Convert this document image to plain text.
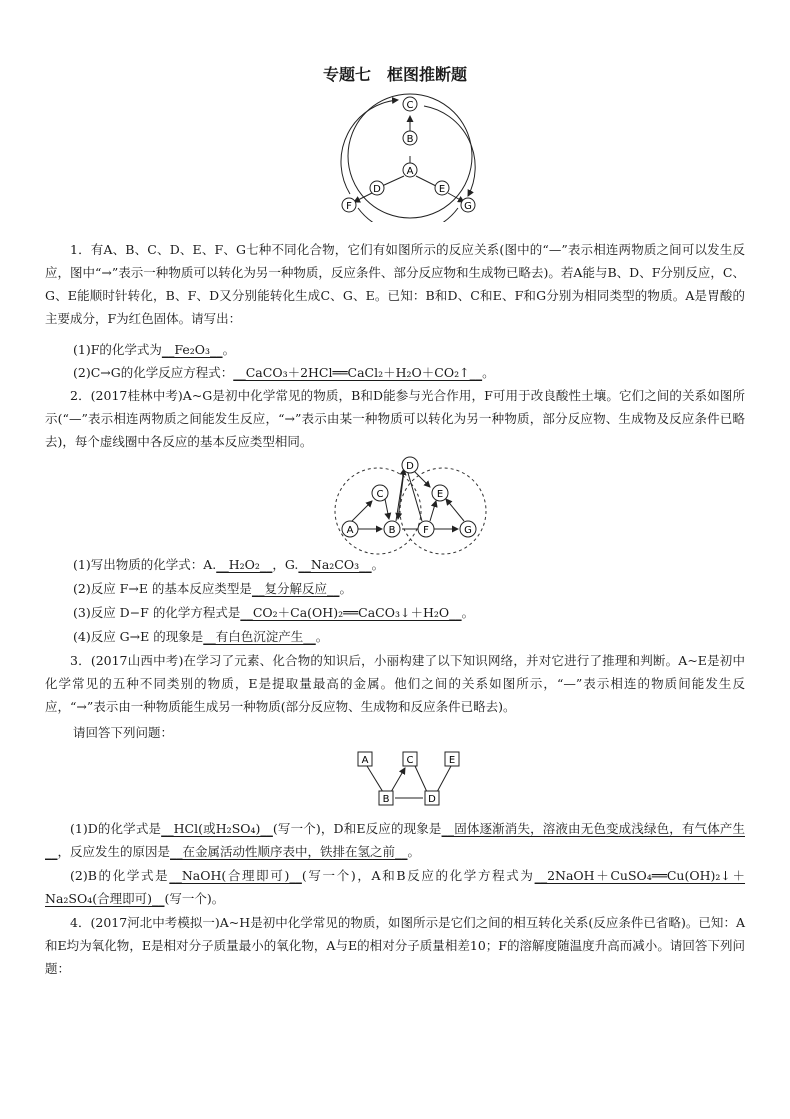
专题七　框图推断题
C
B
A
D
F
E
G
1．有A、B、C、D、E、F、G七种不同化合物，它们有如图所示的反应关系(图中的“—”表示相连两物质之间可以发生反应，图中“→”表示一种物质可以转化为另一种物质，反应条件、部分反应物和生成物已略去)。若A能与B、D、F分别反应，C、G、E能顺时针转化，B、F、D又分别能转化生成C、G、E。已知：B和D、C和E、F和G分别为相同类型的物质。A是胃酸的主要成分，F为红色固体。请写出：
(1)F的化学式为__Fe₂O₃__。
(2)C→G的化学反应方程式：__CaCO₃＋2HCl══CaCl₂＋H₂O＋CO₂↑__。
2．(2017桂林中考)A~G是初中化学常见的物质，B和D能参与光合作用，F可用于改良酸性土壤。它们之间的关系如图所示(“—”表示相连两物质之间能发生反应，“→”表示由某一种物质可以转化为另一种物质，部分反应物、生成物及反应条件已略去)，每个虚线圈中各反应的基本反应类型相同。
D
C	E
A	B	F	G
(1)写出物质的化学式：A.__H₂O₂__，G.__Na₂CO₃__。
(2)反应 F→E 的基本反应类型是__复分解反应__。
(3)反应 D−F 的化学方程式是__CO₂＋Ca(OH)₂══CaCO₃↓＋H₂O__。
(4)反应 G→E 的现象是__有白色沉淀产生__。
3．(2017山西中考)在学习了元素、化合物的知识后，小丽构建了以下知识网络，并对它进行了推理和判断。A~E是初中化学常见的五种不同类别的物质，E是提取量最高的金属。他们之间的关系如图所示，“—”表示相连的物质间能发生反应，“→”表示由一种物质能生成另一种物质(部分反应物、生成物和反应条件已略去)。
请回答下列问题：
A	C	E
B	D
(1)D的化学式是__HCl(或H₂SO₄)__(写一个)，D和E反应的现象是__固体逐渐消失，溶液由无色变成浅绿色，有气体产生__，反应发生的原因是__在金属活动性顺序表中，铁排在氢之前__。
(2)B的化学式是__NaOH(合理即可)__(写一个)，A和B反应的化学方程式为__2NaOH＋CuSO₄══Cu(OH)₂↓＋Na₂SO₄(合理即可)__(写一个)。
4．(2017河北中考模拟一)A~H是初中化学常见的物质，如图所示是它们之间的相互转化关系(反应条件已省略)。已知：A和E均为氧化物，E是相对分子质量最小的氧化物，A与E的相对分子质量相差10；F的溶解度随温度升高而减小。请回答下列问题：
